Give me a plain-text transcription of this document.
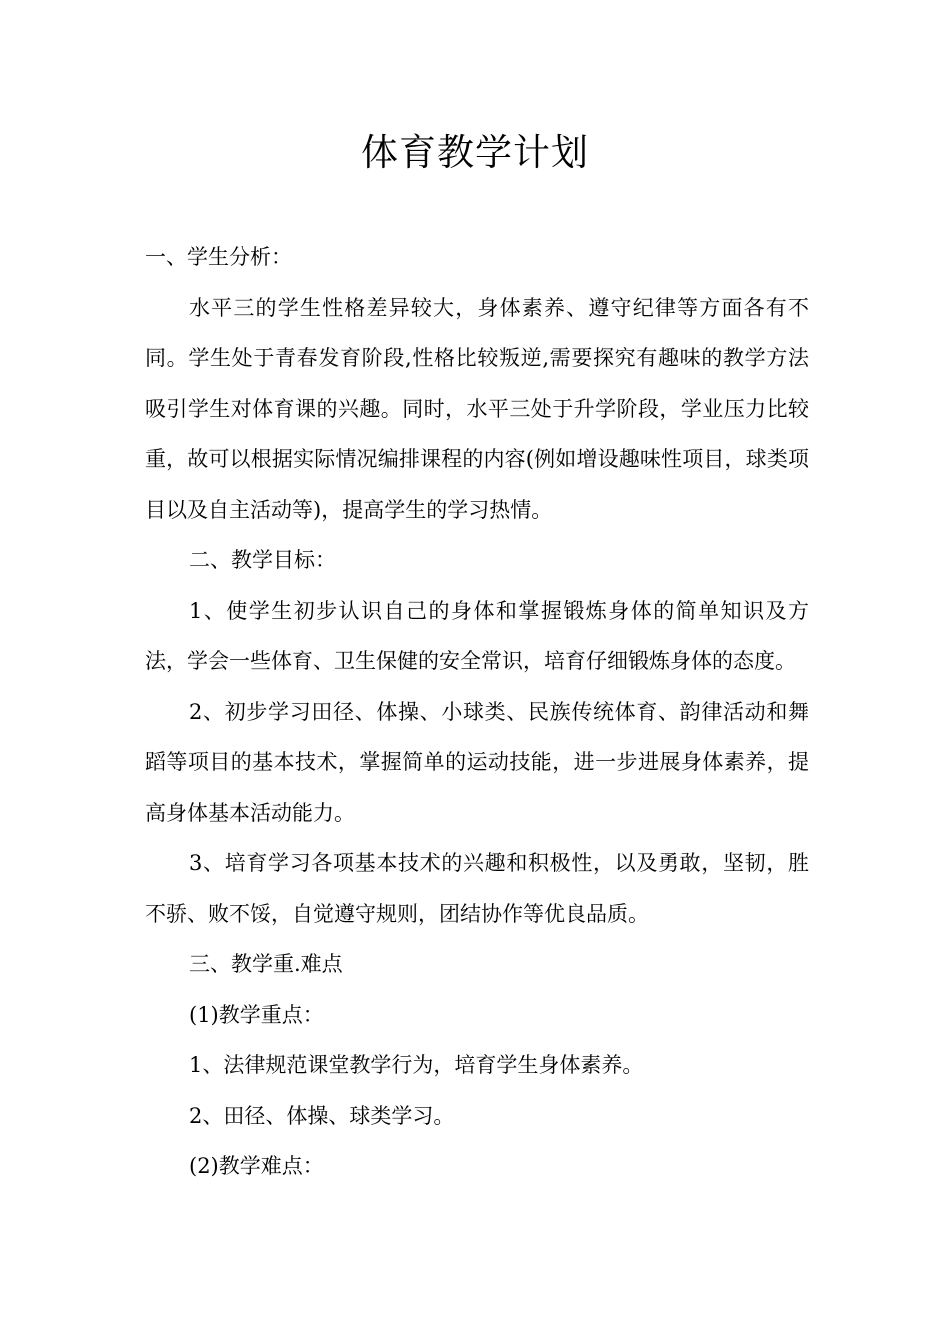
体育教学计划

一、学生分析：

水平三的学生性格差异较大，身体素养、遵守纪律等方面各有不同。学生处于青春发育阶段,性格比较叛逆,需要探究有趣味的教学方法吸引学生对体育课的兴趣。同时，水平三处于升学阶段，学业压力比较重，故可以根据实际情况编排课程的内容(例如增设趣味性项目，球类项目以及自主活动等)，提高学生的学习热情。

二、教学目标：

1、使学生初步认识自己的身体和掌握锻炼身体的简单知识及方法，学会一些体育、卫生保健的安全常识，培育仔细锻炼身体的态度。

2、初步学习田径、体操、小球类、民族传统体育、韵律活动和舞蹈等项目的基本技术，掌握简单的运动技能，进一步进展身体素养，提高身体基本活动能力。

3、培育学习各项基本技术的兴趣和积极性，以及勇敢，坚韧，胜不骄、败不馁，自觉遵守规则，团结协作等优良品质。

三、教学重.难点

(1)教学重点：

1、法律规范课堂教学行为，培育学生身体素养。

2、田径、体操、球类学习。

(2)教学难点：
